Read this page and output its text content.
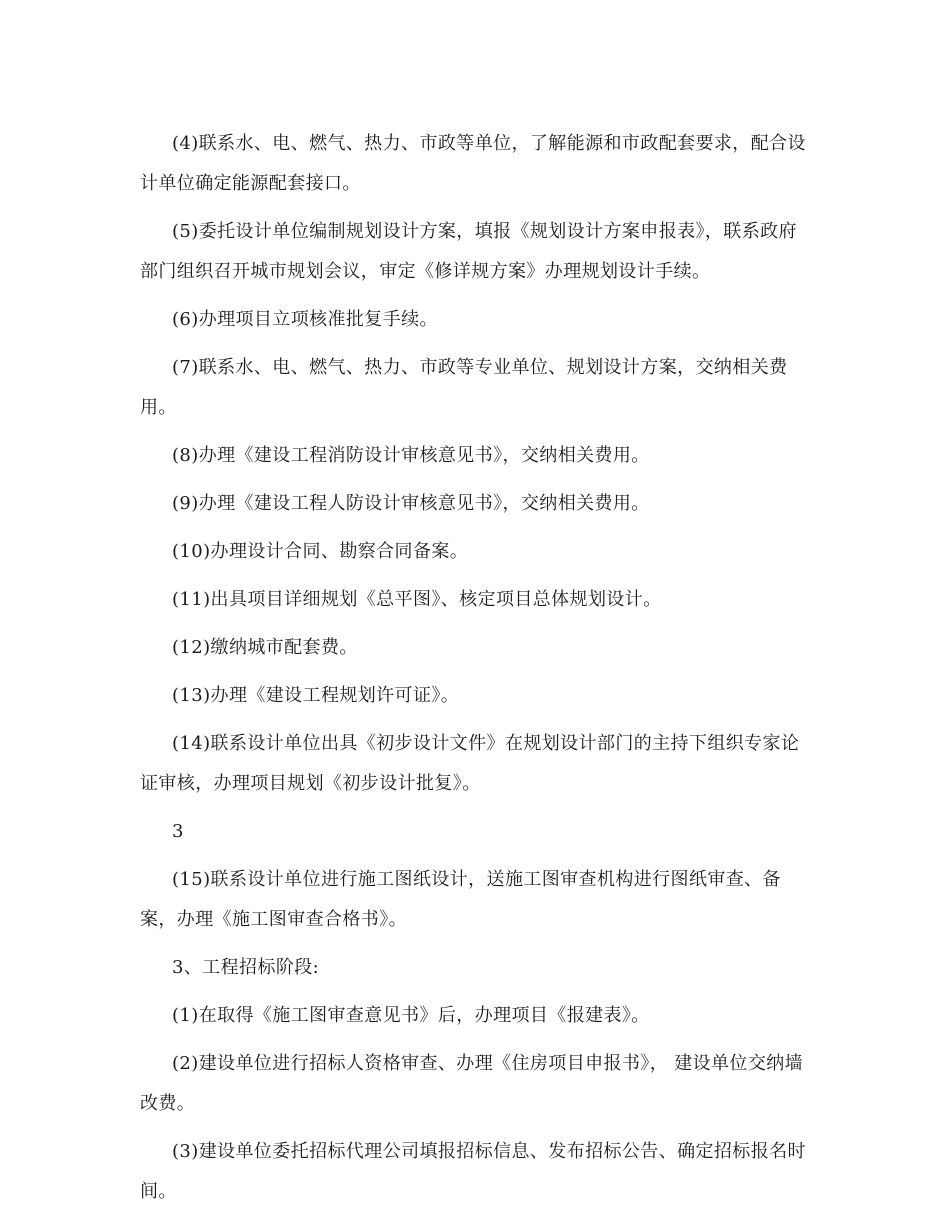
(4)联系水、电、燃气、热力、市政等单位，了解能源和市政配套要求，配合设计单位确定能源配套接口。

(5)委托设计单位编制规划设计方案，填报《规划设计方案申报表》，联系政府部门组织召开城市规划会议，审定《修详规方案》办理规划设计手续。

(6)办理项目立项核准批复手续。

(7)联系水、电、燃气、热力、市政等专业单位、规划设计方案，交纳相关费用。

(8)办理《建设工程消防设计审核意见书》，交纳相关费用。

(9)办理《建设工程人防设计审核意见书》，交纳相关费用。

(10)办理设计合同、勘察合同备案。

(11)出具项目详细规划《总平图》、核定项目总体规划设计。

(12)缴纳城市配套费。

(13)办理《建设工程规划许可证》。

(14)联系设计单位出具《初步设计文件》在规划设计部门的主持下组织专家论证审核，办理项目规划《初步设计批复》。

3

(15)联系设计单位进行施工图纸设计，送施工图审查机构进行图纸审查、备案，办理《施工图审查合格书》。

3、工程招标阶段:

(1)在取得《施工图审查意见书》后，办理项目《报建表》。

(2)建设单位进行招标人资格审查、办理《住房项目申报书》， 建设单位交纳墙改费。

(3)建设单位委托招标代理公司填报招标信息、发布招标公告、确定招标报名时间。
